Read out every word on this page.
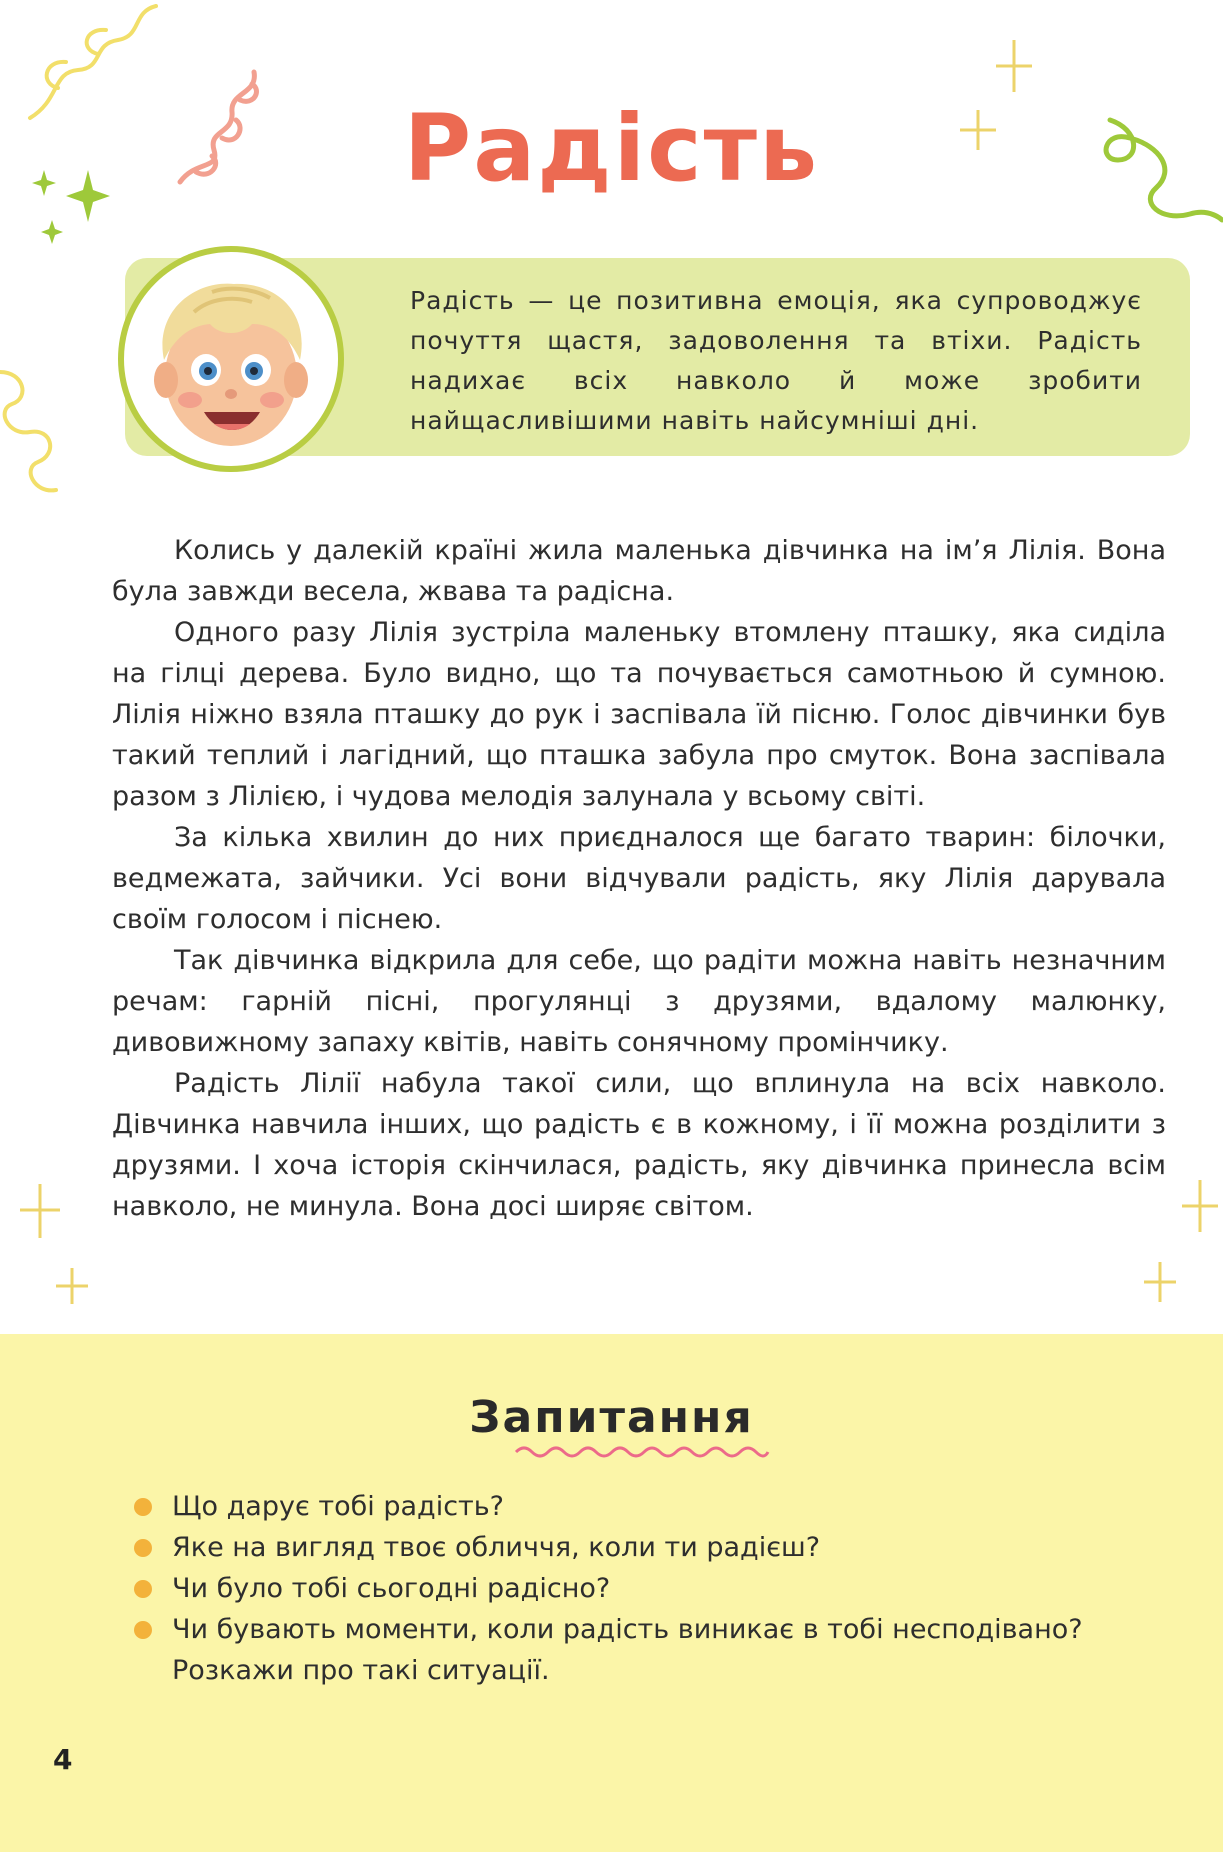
Радість

Радість — це позитивна емоція, яка супроводжує почуття щастя, задоволення та втіхи. Радість надихає всіх навколо й може зробити найщасливішими навіть найсумніші дні.

Колись у далекій країні жила маленька дівчинка на ім’я Лілія. Вона була завжди весела, жвава та радісна.

Одного разу Лілія зустріла маленьку втомлену пташку, яка сиділа на гілці дерева. Було видно, що та почувається самотньою й сумною. Лілія ніжно взяла пташку до рук і заспівала їй пісню. Голос дівчинки був такий теплий і лагідний, що пташка забула про смуток. Вона заспівала разом з Лілією, і чудова мелодія залунала у всьому світі.

За кілька хвилин до них приєдналося ще багато тварин: білочки, ведмежата, зайчики. Усі вони відчували радість, яку Лілія дарувала своїм голосом і піснею.

Так дівчинка відкрила для себе, що радіти можна навіть незначним речам: гарній пісні, прогулянці з друзями, вдалому малюнку, дивовижному запаху квітів, навіть сонячному промінчику.

Радість Лілії набула такої сили, що вплинула на всіх навколо. Дівчинка навчила інших, що радість є в кожному, і її можна розділити з друзями. І хоча історія скінчилася, радість, яку дівчинка принесла всім навколо, не минула. Вона досі ширяє світом.

Запитання
Що дарує тобі радість?
Яке на вигляд твоє обличчя, коли ти радієш?
Чи було тобі сьогодні радісно?
Чи бувають моменти, коли радість виникає в тобі несподівано? Розкажи про такі ситуації.

4
